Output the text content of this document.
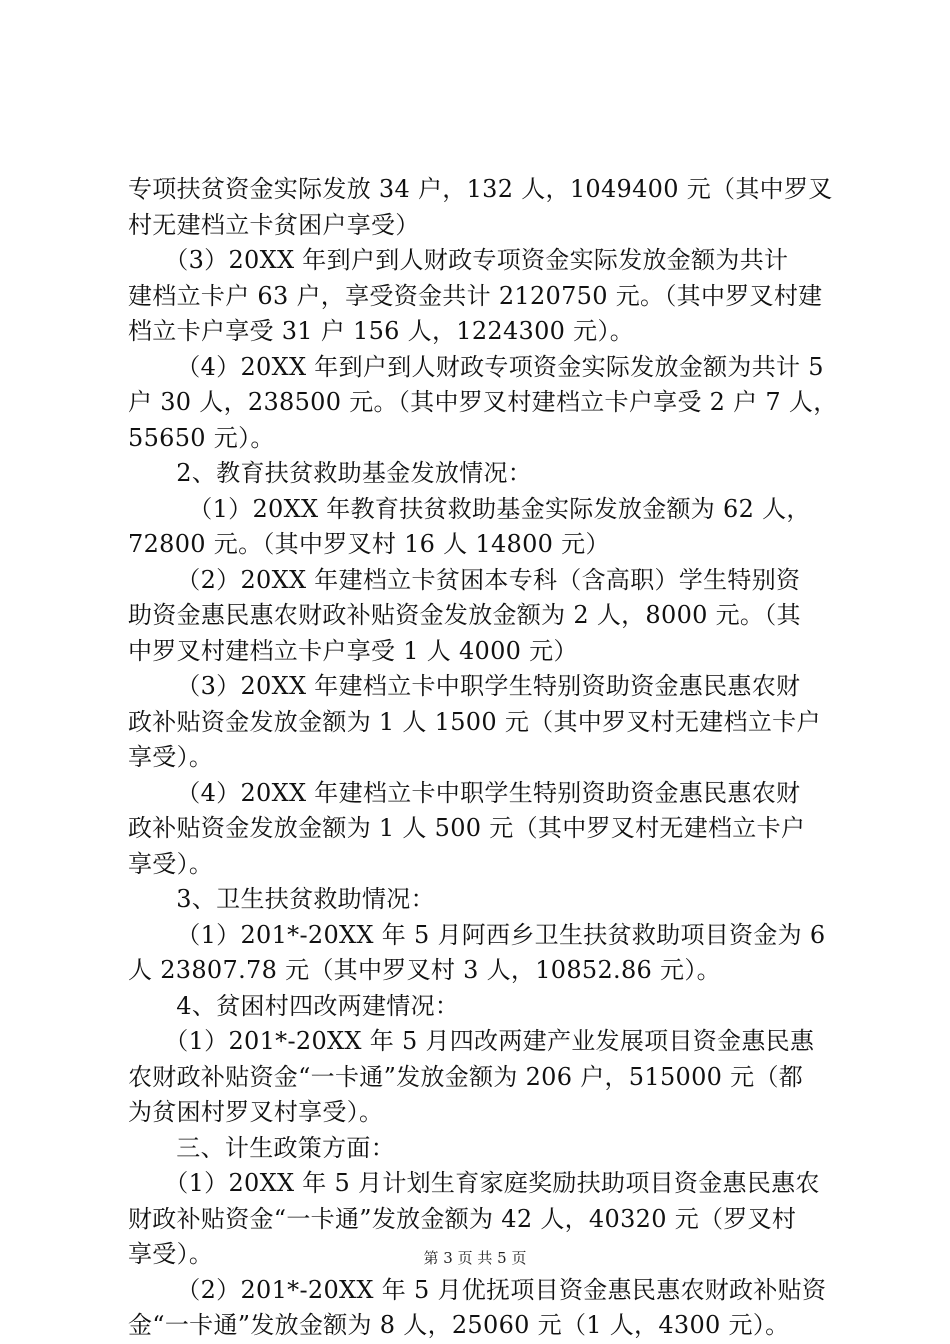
专项扶贫资金实际发放 34 户，132 人，1049400 元（其中罗叉
村无建档立卡贫困户享受）
　（3）20XX 年到户到人财政专项资金实际发放金额为共计
建档立卡户 63 户，享受资金共计 2120750 元。（其中罗叉村建
档立卡户享受 31 户 156 人，1224300 元）。
　（4）20XX 年到户到人财政专项资金实际发放金额为共计 5
户 30 人，238500 元。（其中罗叉村建档立卡户享受 2 户 7 人，
55650 元）。
　2、教育扶贫救助基金发放情况：
　（1）20XX 年教育扶贫救助基金实际发放金额为 62 人，
72800 元。（其中罗叉村 16 人 14800 元）
　（2）20XX 年建档立卡贫困本专科（含高职）学生特别资
助资金惠民惠农财政补贴资金发放金额为 2 人，8000 元。（其
中罗叉村建档立卡户享受 1 人 4000 元）
　（3）20XX 年建档立卡中职学生特别资助资金惠民惠农财
政补贴资金发放金额为 1 人 1500 元（其中罗叉村无建档立卡户
享受）。
　（4）20XX 年建档立卡中职学生特别资助资金惠民惠农财
政补贴资金发放金额为 1 人 500 元（其中罗叉村无建档立卡户
享受）。
　3、卫生扶贫救助情况：
　（1）201*-20XX 年 5 月阿西乡卫生扶贫救助项目资金为 6
人 23807.78 元（其中罗叉村 3 人，10852.86 元）。
　4、贫困村四改两建情况：
　（1）201*-20XX 年 5 月四改两建产业发展项目资金惠民惠
农财政补贴资金“一卡通”发放金额为 206 户，515000 元（都
为贫困村罗叉村享受）。
　三、计生政策方面：
　（1）20XX 年 5 月计划生育家庭奖励扶助项目资金惠民惠农
财政补贴资金“一卡通”发放金额为 42 人，40320 元（罗叉村
享受）。
　（2）201*-20XX 年 5 月优抚项目资金惠民惠农财政补贴资
金“一卡通”发放金额为 8 人，25060 元（1 人，4300 元）。
第 3 页 共 5 页
